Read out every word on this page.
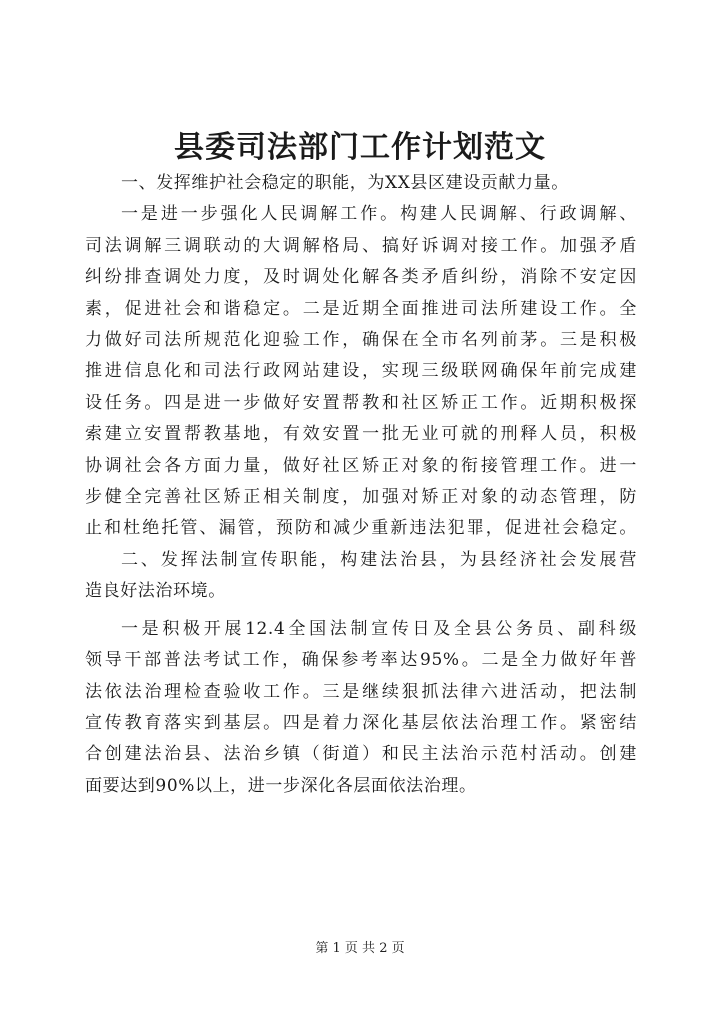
县委司法部门工作计划范文

一、发挥维护社会稳定的职能，为XX县区建设贡献力量。

一是进一步强化人民调解工作。构建人民调解、行政调解、
司法调解三调联动的大调解格局、搞好诉调对接工作。加强矛盾
纠纷排查调处力度，及时调处化解各类矛盾纠纷，消除不安定因
素，促进社会和谐稳定。二是近期全面推进司法所建设工作。全
力做好司法所规范化迎验工作，确保在全市名列前茅。三是积极
推进信息化和司法行政网站建设，实现三级联网确保年前完成建
设任务。四是进一步做好安置帮教和社区矫正工作。近期积极探
索建立安置帮教基地，有效安置一批无业可就的刑释人员，积极
协调社会各方面力量，做好社区矫正对象的衔接管理工作。进一
步健全完善社区矫正相关制度，加强对矫正对象的动态管理，防
止和杜绝托管、漏管，预防和减少重新违法犯罪，促进社会稳定。

二、发挥法制宣传职能，构建法治县，为县经济社会发展营
造良好法治环境。

一是积极开展12.4全国法制宣传日及全县公务员、副科级
领导干部普法考试工作，确保参考率达95%。二是全力做好年普
法依法治理检查验收工作。三是继续狠抓法律六进活动，把法制
宣传教育落实到基层。四是着力深化基层依法治理工作。紧密结
合创建法治县、法治乡镇（街道）和民主法治示范村活动。创建
面要达到90%以上，进一步深化各层面依法治理。

第 1 页 共 2 页
